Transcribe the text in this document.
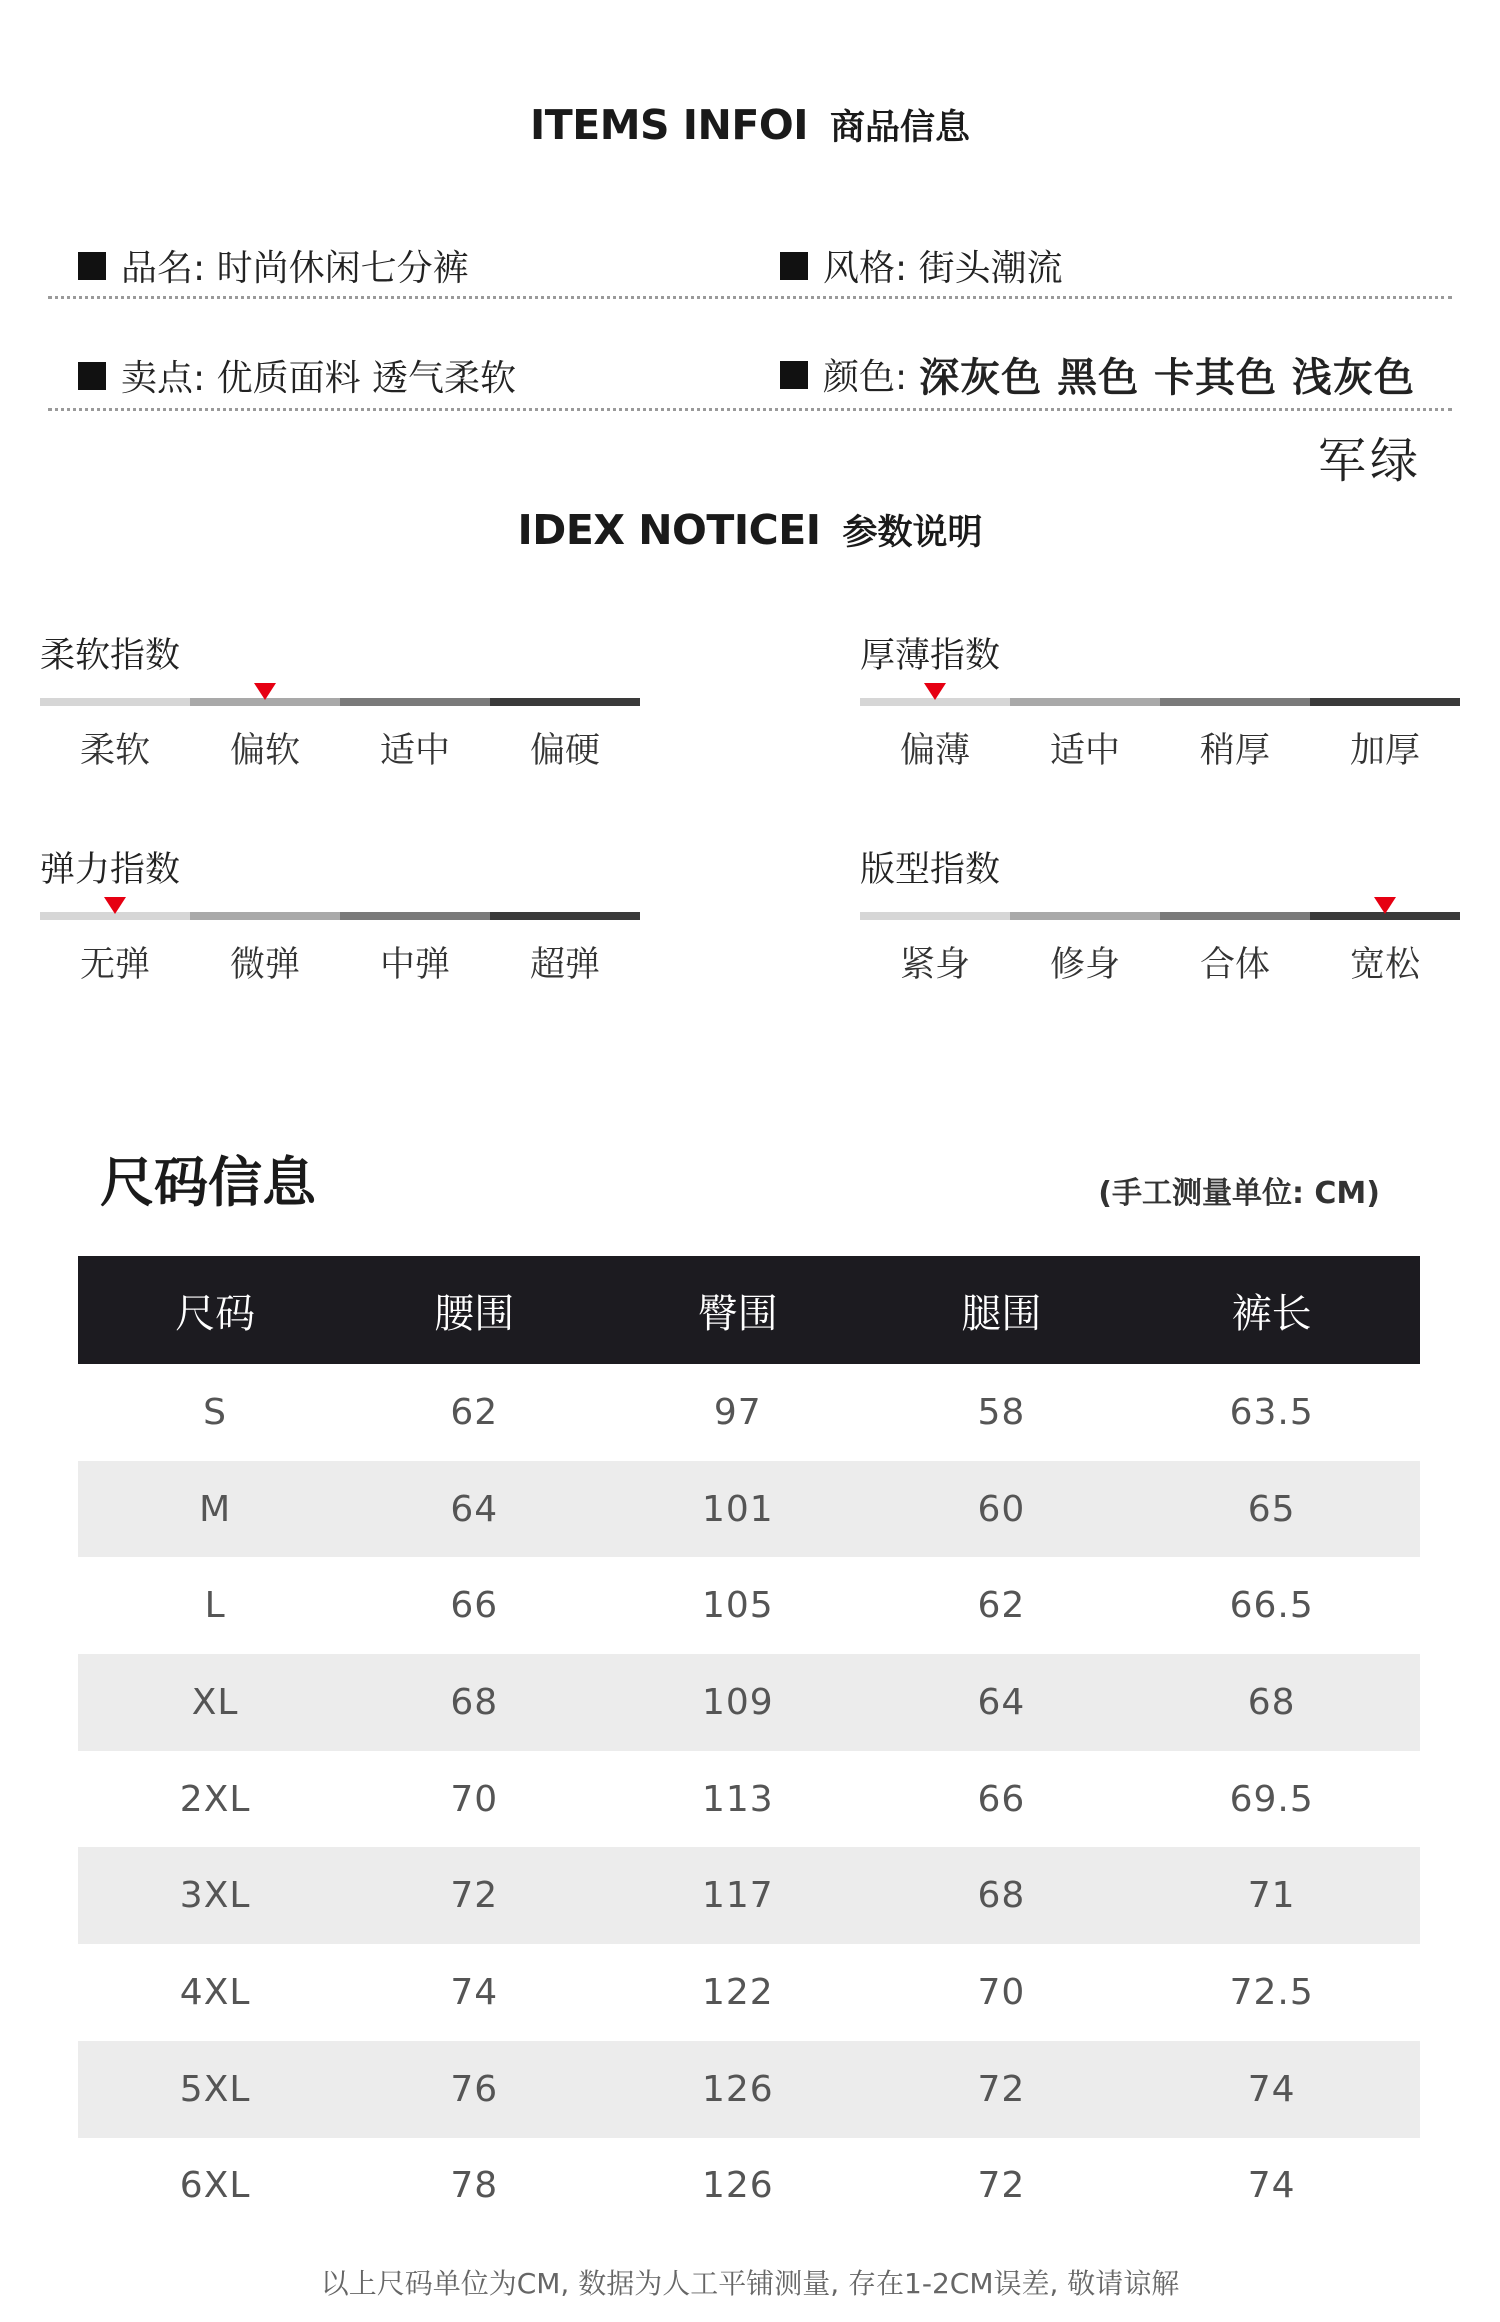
ITEMS INFOI 商品信息
品名: 时尚休闲七分裤	风格: 街头潮流
卖点: 优质面料 透气柔软	颜色: 深灰色 黑色 卡其色 浅灰色
军绿
IDEX NOTICEI 参数说明
柔软指数
柔软	偏软	适中	偏硬
厚薄指数
偏薄	适中	稍厚	加厚
弹力指数
无弹	微弹	中弹	超弹
版型指数
紧身	修身	合体	宽松
尺码信息	(手工测量单位: CM)
尺码	腰围	臀围	腿围	裤长
S	62	97	58	63.5
M	64	101	60	65
L	66	105	62	66.5
XL	68	109	64	68
2XL	70	113	66	69.5
3XL	72	117	68	71
4XL	74	122	70	72.5
5XL	76	126	72	74
6XL	78	126	72	74
以上尺码单位为CM, 数据为人工平铺测量, 存在1-2CM误差, 敬请谅解
